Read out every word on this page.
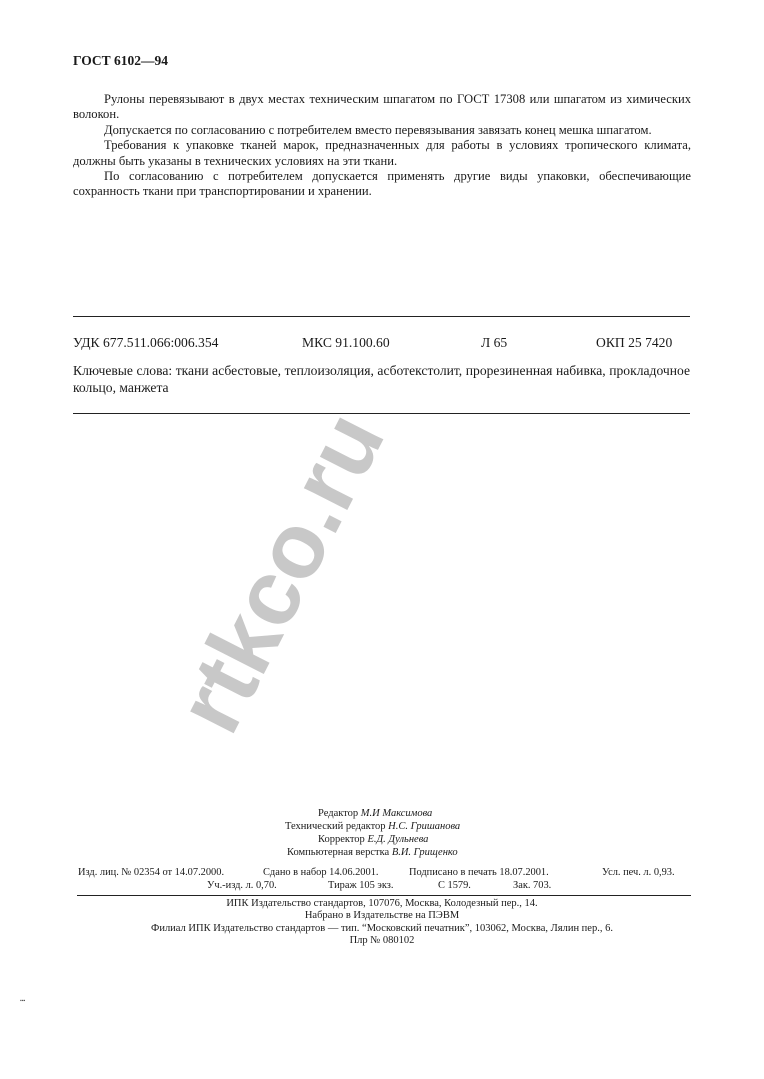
rtkco.ru
ГОСТ 6102—94

Рулоны перевязывают в двух местах техническим шпагатом по ГОСТ 17308 или шпагатом из химических волокон.

Допускается по согласованию с потребителем вместо перевязывания завязать конец мешка шпагатом.

Требования к упаковке тканей марок, предназначенных для работы в условиях тропического климата, должны быть указаны в технических условиях на эти ткани.

По согласованию с потребителем допускается применять другие виды упаковки, обеспечивающие сохранность ткани при транспортировании и хранении.

УДК 677.511.066:006.354	МКС 91.100.60	Л 65	ОКП 25 7420

Ключевые слова: ткани асбестовые, теплоизоляция, асботекстолит, прорезиненная набивка, прокладочное кольцо, манжета

Редактор М.И Максимова
Технический редактор Н.С. Гришанова
Корректор Е.Д. Дульнева
Компьютерная верстка В.И. Грищенко
Изд. лиц. № 02354 от 14.07.2000.	Сдано в набор 14.06.2001.	Подписано в печать 18.07.2001.	Усл. печ. л. 0,93.
Уч.-изд. л. 0,70.	Тираж 105 экз.	С 1579.	Зак. 703.
ИПК Издательство стандартов, 107076, Москва, Колодезный пер., 14.
Набрано в Издательстве на ПЭВМ
Филиал ИПК Издательство стандартов — тип. “Московский печатник”, 103062, Москва, Лялин пер., 6.
Плр № 080102
▪▪▪
